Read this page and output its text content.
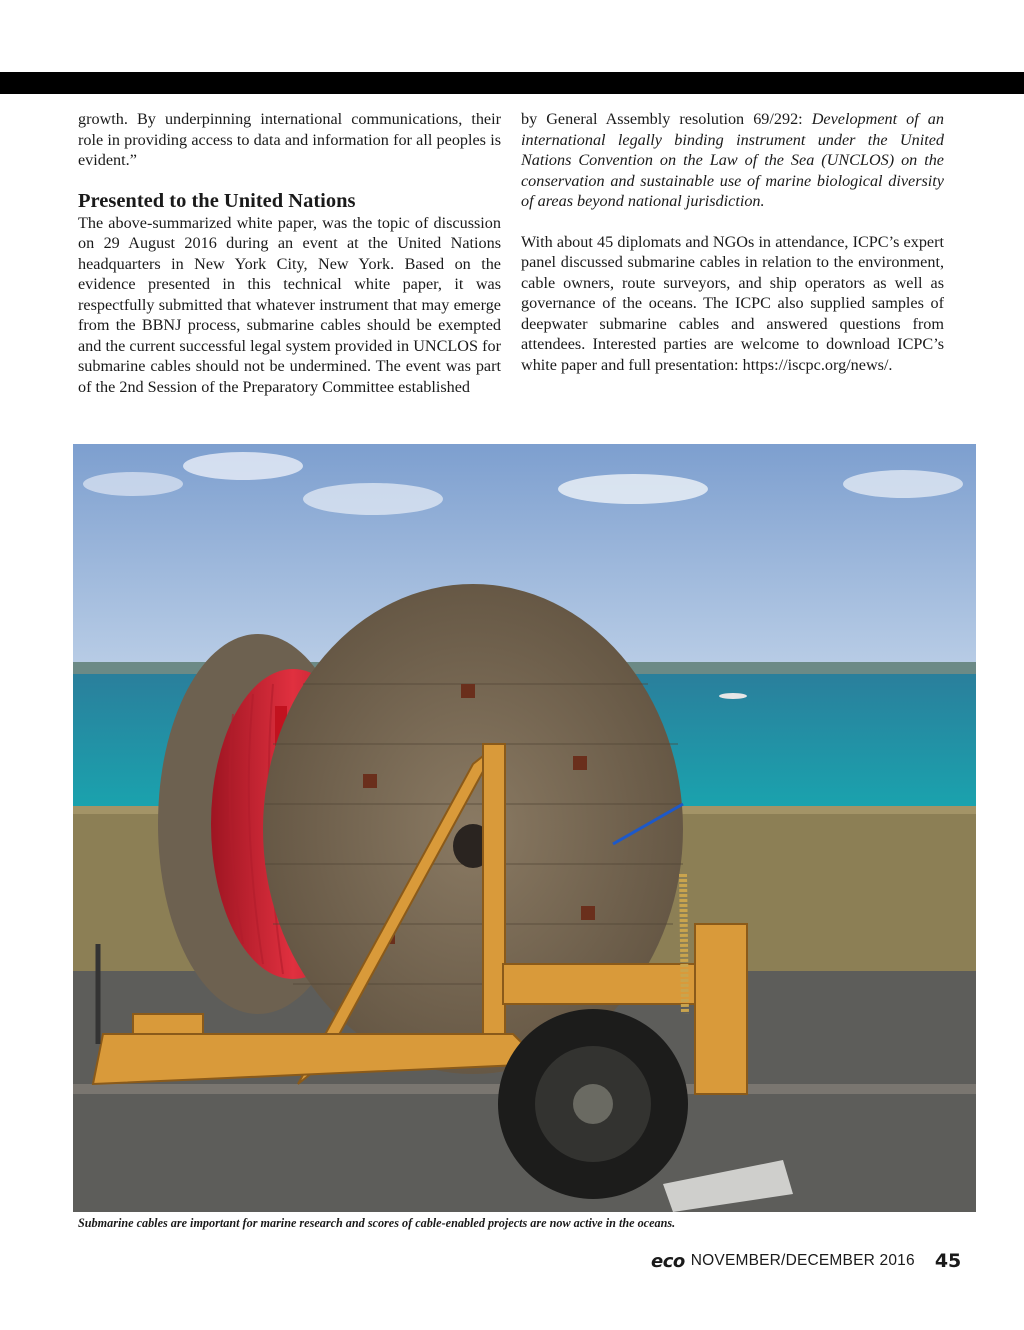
growth. By underpinning international communications, their role in providing access to data and information for all peoples is evident.”

Presented to the United Nations

The above-summarized white paper, was the topic of discussion on 29 August 2016 during an event at the United Nations headquarters in New York City, New York. Based on the evidence presented in this technical white paper, it was respectfully submitted that whatever instrument that may emerge from the BBNJ process, submarine cables should be exempted and the current successful legal system provided in UNCLOS for submarine cables should not be undermined. The event was part of the 2nd Session of the Preparatory Committee established

by General Assembly resolution 69/292: Development of an international legally binding instrument under the United Nations Convention on the Law of the Sea (UNCLOS) on the conservation and sustainable use of marine biological diversity of areas beyond national jurisdiction.

With about 45 diplomats and NGOs in attendance, ICPC’s expert panel discussed submarine cables in relation to the environment, cable owners, route surveyors, and ship operators as well as governance of the oceans. The ICPC also supplied samples of deepwater submarine cables and answered questions from attendees. Interested parties are welcome to download ICPC’s white paper and full presentation: https://iscpc.org/news/.

Submarine cables are important for marine research and scores of cable-enabled projects are now active in the oceans.
eco NOVEMBER/DECEMBER 2016 45
